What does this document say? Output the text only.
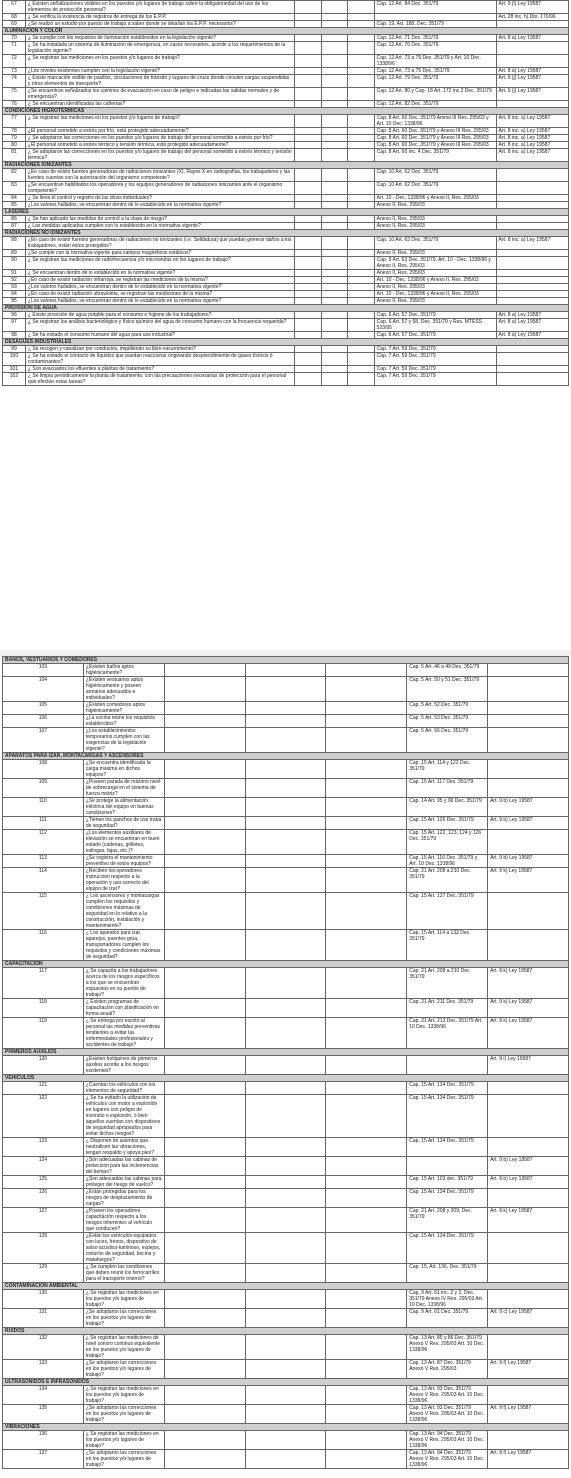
67	¿ Existen señalizaciones visibles en los puestos y/o lugares de trabajo sobre la obligatoriedad del uso de los elementos de protección personal?				Cap. 12 Art. 84 Dec. 351/79	Art. 9 (l) Ley 19587
68	¿ Se verifica la existencia de registros de entrega de los E.P.P.					Art. 28 inc. h) Dto. 170/96
69	¿Se realizó un estudio por puesto de trabajo a saber donde se detallan los E.P.P. necesarios?				Cap. 19, Art. 188, Dec. 351/79	
ILUMINACION Y COLOR						
70	¿ Se cumple con los requisitos de iluminación establecidos en la legislación vigente?				Cap. 12 Art. 71 Dec. 351/79	Art. 8 a) Ley 19587
71	¿ Se ha instalado un sistema de iluminación de emergencia, en casos necesarios, acorde a los requerimientos de la legislación vigente?				Cap. 12 Art. 76 Dec. 351/79	
72	¿ Se registran las mediciones en los puestos y/o lugares de trabajo?				Cap. 12 Art. 73 a 75 Dec. 351/79 y Art. 10 Dec. 1338/96	
73	¿Los niveles existentes cumplen con la legislación vigente?				Cap. 12 Art. 73 a 75 Dec. 351/79	Art. 8 a) Ley 19587
74	¿ Existe marcación visible de pasillos, circulaciones de tránsito y lugares de cruce donde circulen cargas suspendidas y otros elementos de transporte?				Cap. 12 Art. 79 Dec. 351/79	Art. 9 (j) Ley 19587
75	¿Se encuentran señalizados los caminos de evacuación en caso de peligro e indicadas las salidas normales y de emergencia?				Cap. 12 Art. 80 y Cap. 18 Art. 172 inc 2 Dec. 351/79	Art. 9 (j) Ley 19587
76	¿ Se encuentran identificadas las cañerías?				Cap. 12 Art. 82 Dec. 351/79	
CONDICIONES HIGROTÉRMICAS						
77	¿ Se registran las mediciones en los puestos y/o lugares de trabajo?				Cap. 8 Art. 60 Dec. 351/79 Anexo III Res. 295/03 y Art. 10 Dec. 1338/96	Art. 8 inc. a) Ley 19587
78	¿El personal sometido a estrés por frío, está protegido adecuadamente?				Cap. 8 Art. 60 Dec. 351/79 y Anexo III Res. 295/03	Art. 8 inc. a) Ley 19587
79	¿ Se adoptaron las correcciones en los puestos y/o lugares de trabajo del personal sometido a estrés por frío?				Cap. 8 Art. 60 Dec. 351/79 y Anexo III Res. 295/03	Art. 8 inc. a) Ley 19587
80	¿El personal sometido a estrés térmico y tensión térmica, está protegido adecuadamente?				Cap. 8 Art. 60 Dec. 351/79 y Anexo III Res. 295/03	Art. 8 inc. a) Ley 19587
81	¿ Se adoptaron las correcciones en los puestos y/o lugares de trabajo del personal sometido a estrés térmico y tensión térmica?				Cap. 8 Art. 60 inc. 4 Dec. 351/79	Art. 8 inc. a) Ley 19587
RADIACIONES IONIZANTES						
82	¿En caso de existir fuentes generadoras de radiaciones ionizantes (X), Rayos X en radiografías, los trabajadores y las fuentes cuentan con la autorización del organismo competente?				Cap. 10 Art. 62 Dec. 351/79	
83	¿Se encuentran habilitados los operadores y los equipos generadores de radiaciones ionizantes ante el organismo competente?				Cap. 10 Art. 62 Dec. 351/79	
84	¿ Se lleva el control y registro de las dosis individuales?				Art. 10 - Dec. 1338/96 y Anexo II, Res. 295/03	
85	¿Los valores hallados, se encuentran dentro de lo establecido en la normativa vigente?				Anexo II, Res. 295/03	
LÁSERES						
86	¿ Se han aplicado las medidas de control a la clase de riesgo?				Anexo II, Res. 295/03	
87	¿ Las medidas aplicadas cumplen con lo establecido en la normativa vigente?				Anexo II, Res. 295/03	
RADIACIONES NO IONIZANTES						
88	¿En caso de existir fuentes generadoras de radiaciones no ionizantes (i.e. Soldadura) que puedan generar daños a los trabajadores, están éstos protegidos?				Cap. 10 Art. 63 Dec. 351/79	Art. 8 inc. a) Ley 19587
89	¿Se cumple con la normativa vigente para campos magnéticos estáticos?				Anexo II, Res. 295/03	
90	¿ Se registran las mediciones de radiofrecuencia y/o microondas en los lugares de trabajo?				Cap. 9 Art. 63 Dec. 351/79, Art. 10 - Dec. 1338/96 y Anexo II, Res. 295/03	
91	¿ Se encuentran dentro de lo establecido en la normativa vigente?				Anexo II, Res. 295/03	
92	¿En caso de existir radiación infrarroja, se registran las mediciones de la misma?				Art. 10 - Dec. 1338/96 y Anexo II, Res. 295/03	
93	¿Los valores hallados, se encuentran dentro de lo establecido en la normativa vigente?				Anexo II, Res. 295/03	
94	¿En caso de existir radiación ultravioleta, se registran las mediciones de la misma?				Art. 10 - Dec. 1338/96 y Anexo II, Res. 295/03	
95	¿Los valores hallados, se encuentran dentro de lo establecido en la normativa vigente?				Anexo II, Res. 295/03	
PROVISIÓN DE AGUA						
96	¿ Existe provisión de agua potable para el consumo e higiene de los trabajadores?				Cap. 6 Art. 57 Dec. 351/79	Art. 8 a) Ley 19587
97	¿ Se registran los análisis bacteriológico y físico químico del agua de consumo humano con la frecuencia requerida?				Cap. 6 Art. 57 y 58, Dec. 351/79 y Res. MTESS 523/95	Art. 8 a) Ley 19587
98	¿ Se ha evitado el consumo humano del agua para uso industrial?				Cap. 6 Art. 57 Dec. 351/79	Art. 8 a) Ley 19587
DESAGÜES INDUSTRIALES						
99	¿ Se recogen y canalizan por conductos, impidiendo su libre escurrimiento?				Cap. 7 Art. 59 Dec. 351/79	
100	¿ Se ha evitado el contacto de líquidos que puedan reaccionar originando desprendimiento de gases tóxicos ó contaminantes?				Cap. 7 Art. 59 Dec. 351/79	
101	¿ Son evacuados los efluentes a plantas de tratamiento?				Cap. 7 Art. 59 Dec. 351/79	
102	¿ Se limpia periódicamente la planta de tratamiento, con las precauciones necesarias de protección para el personal que efectúe estas tareas?				Cap. 7 Art. 59 Dec. 351/79	
BAÑOS, VESTUARIOS Y COMEDORES						
103	¿Existen baños aptos higiénicamente?				Cap. 5 Art. 46 a 49 Dec. 351/79	
104	¿Existen vestuarios aptos higiénicamente y poseen armarios adecuados e individuales?				Cap. 5 Art. 50 y 51 Dec. 351/79	
105	¿Existen comedores aptos higiénicamente?				Cap. 5 Art. 52 Dec. 351/79	
106	¿La cocina reúne los requisitos establecidos?				Cap. 5 Art. 53 Dec. 351/79	
107	¿Los establecimientos temporarios cumplen con las exigencias de la legislación vigente?				Cap. 5 Art. 56 Dec. 351/79	
APARATOS PARA IZAR, MONTACARGAS Y ASCENSORES						
108	¿Se encuentra identificada la carga máxima en dichos equipos?				Cap. 15 Art. 114 y 122 Dec. 351/79	
109	¿Poseen parada de máximo nivel de sobrecarga en el sistema de fuerza motriz?				Cap. 15 Art. 117 Dec. 351/79	
110	¿Se protege la alimentación eléctrica del equipo en buenas condiciones?				Cap. 14 Art. 95 y 96 Dec. 351/79	Art. 9 b) Ley 19587
111	¿Tienen los ganchos de izar traba de seguridad?				Cap. 15 Art. 126 Dec. 351/79	Art. 9 b) Ley 19587
112	¿Los elementos auxiliares de elevación se encuentran en buen estado (cadenas, grilletes, eslingas, fajas, etc.)?				Cap. 15 Art. 122, 123, 124 y 126 Dec. 351/79	
113	¿Se registra el mantenimiento preventivo de estos equipos?				Cap. 15 Art. 116 Dec. 351/79 y Art. 10 Dec. 1338/96	Art. 9 b) Ley 19587
114	¿Reciben los operadores instrucción respecto a la operación y uso correcto del equipo de izar?				Cap. 21 Art. 208 a 210 Dec. 351/79	Art. 9 k) Ley 19587
115	¿ Los ascensores y montacargas cumplen los requisitos y condiciones máximas de seguridad en lo relativo a la construcción, instalación y mantenimiento?				Cap. 15 Art. 137 Dec. 351/79	
116	¿ Los aparatos para izar, aparejos, puentes grúa, transportadores cumplen los requisitos y condiciones máximas de seguridad?				Cap. 15 Art. 114 a 132 Dec. 351/79	
CAPACITACIÓN						
117	¿ Se capacita a los trabajadores acerca de los riesgos específicos a los que se encuentran expuestos en su puesto de trabajo?				Cap. 21 Art. 208 a 210 Dec. 351/79	Art. 9 k) Ley 19587
118	¿ Existen programas de capacitación con planificación en forma anual?				Cap. 21 Art. 211 Dec. 351/79	Art. 9 k) Ley 19587
119	¿ Se entrega por escrito al personal las medidas preventivas tendientes a evitar las enfermedades profesionales y accidentes de trabajo?				Cap. 21 Art. 213 Dec. 351/79 Art. 10 Dec. 1338/96	Art. 9 k) Ley 19587
PRIMEROS AUXILIOS						
120	¿Existen botiquines de primeros auxilios acorde a los riesgos existentes?					Art. 9 i) Ley 19587
VEHÍCULOS						
121	¿Cuentan los vehículos con los elementos de seguridad?				Cap. 15 Art. 134 Dec. 351/79	
122	¿ Se ha evitado la utilización de vehículos con motor a explosión en lugares con peligro de incendio o explosión, ó bien aquellos cuentan con dispositivos de seguridad apropiados para evitar dichos riesgos?				Cap. 15 Art. 134 Dec. 351/79	
123	¿ Disponen de asientos que neutralicen las vibraciones, tengan respaldo y apoya pies?				Cap. 15 Art. 134 Dec. 351/79	
124	¿Son adecuadas las cabinas de protección para las inclemencias del tiempo?					Art. 9 b) Ley 19587
125	¿Son adecuadas las cabinas para proteger del riesgo de vuelco?				Cap. 15 Art. 103 dec. 351/79	Art. 9 b) Ley 19587
126	¿Están protegidas para los riesgos de desplazamiento de cargas?				Cap. 15 Art. 134 Dec. 351/79	
127	¿Poseen los operadores capacitación respecto a los riesgos inherentes al vehículo que conducen?				Cap. 21 Art. 208 y 209, Dec. 351/79	Art. 9 k) Ley 19587
128	¿Están los vehículos equipados con luces, frenos, dispositivo de aviso acústico-luminoso, espejos, cinturón de seguridad, bocina y matafuegos?				Cap. 15 Art. 134 Dec. 351/79	
129	¿ Se cumplen las condiciones que deben reunir los ferrocarriles para el transporte interno?				Cap. 15, Art. 136, Dec. 351/79	
CONTAMINACIÓN AMBIENTAL						
130	¿ Se registran las mediciones en los puestos y/o lugares de trabajo?				Cap. 9 Art. 61 inc. 2 y 3, Dec. 351/79 Anexo IV Res. 295/03 Art. 10 Dec. 1338/96	
131	¿Se adoptaron las correcciones en los puestos y/o lugares de trabajo?				Cap. 9 Art. 61 Dec. 351/79	Art. 9 c) Ley 19587
RUIDOS						
132	¿ Se registran las mediciones de nivel sonoro continuo equivalente en los puestos y/o lugares de trabajo?				Cap. 13 Art. 85 y 86 Dec. 351/79 Anexo V Res. 295/03 Art. 10 Dec. 1338/96	
133	¿Se adoptaron las correcciones en los puestos y/o lugares de trabajo?				Cap. 13 Art. 87 Dec. 351/79 Anexo V Res. 295/03	Art. 9 f) Ley 19587
ULTRASONIDOS E INFRASONIDOS						
134	¿ Se registran las mediciones en los puestos y/o lugares de trabajo?				Cap. 13 Art. 93 Dec. 351/79 Anexo V Res. 295/03 Art. 10 Dec. 1338/96	
135	¿Se adoptaron las correcciones en los puestos y/o lugares de trabajo?				Cap. 13 Art. 93 Dec. 351/79 Anexo V Res. 295/03 Art. 10 Dec. 1338/96	Art. 9 f) Ley 19587
VIBRACIONES						
136	¿ Se registran las mediciones en los puestos y/o lugares de trabajo?				Cap. 13 Art. 94 Dec. 351/79 Anexo V Res. 295/03 Art. 10 Dec. 1338/96	
137	¿Se adoptaron las correcciones en los puestos y/o lugares de trabajo?				Cap. 13 Art. 94 Dec. 351/79 Anexo V Res. 295/03 Art. 10 Dec. 1338/96	Art. 9 f) Ley 19587
